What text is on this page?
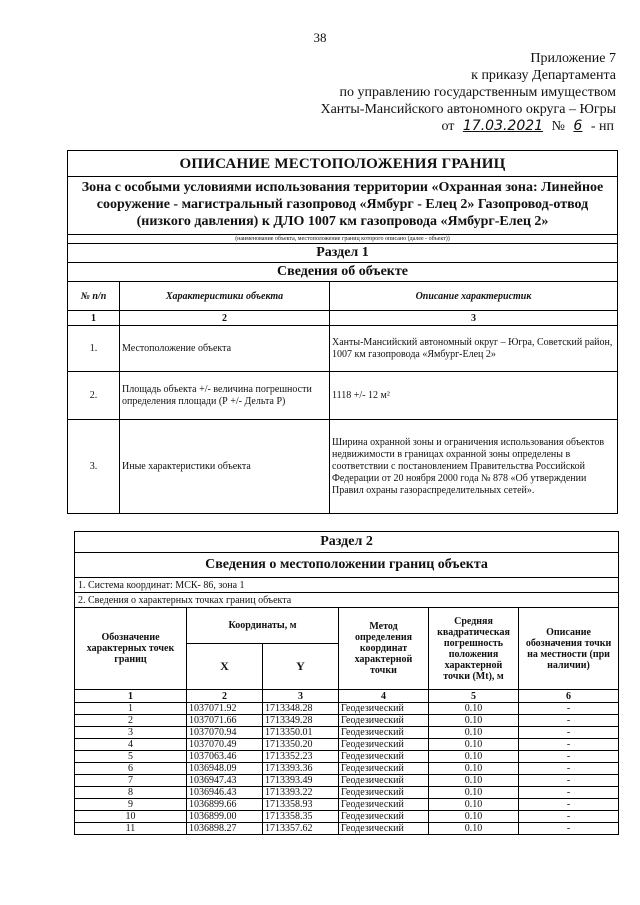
38
Приложение 7
к приказу Департамента
по управлению государственным имуществом
Ханты-Мансийского автономного округа – Югры
от 17.03.2021 № 6 - нп
ОПИСАНИЕ МЕСТОПОЛОЖЕНИЯ ГРАНИЦ		
Зона с особыми условиями использования территории «Охранная зона: Линейное сооружение - магистральный газопровод «Ямбург - Елец 2» Газопровод-отвод (низкого давления) к ДЛО 1007 км газопровода «Ямбург-Елец 2»		
(наименование объекта, местоположение границ которого описано (далее - объект))		
Раздел 1		
Сведения об объекте		
№ п/п	Характеристики объекта	Описание характеристик
1	2	3
1.	Местоположение объекта	Ханты-Мансийский автономный округ – Югра, Советский район, 1007 км газопровода «Ямбург-Елец 2»
2.	Площадь объекта +/- величина погрешности определения площади (Р +/- Дельта Р)	1118 +/- 12 м²
3.	Иные характеристики объекта	Ширина охранной зоны и ограничения использования объектов недвижимости в границах охранной зоны определены в соответствии с постановлением Правительства Российской Федерации от 20 ноября 2000 года № 878 «Об утверждении Правил охраны газораспределительных сетей».
Раздел 2					
Сведения о местоположении границ объекта					
1. Система координат: МСК- 86, зона 1					
2. Сведения о характерных точках границ объекта					
Обозначение характерных точек границ	Координаты, м		Метод определения координат характерной точки	Средняя квадратическая погрешность положения характерной точки (Mt), м	Описание обозначения точки на местности (при наличии)
	X	Y			
1	2	3	4	5	6
1	1037071.92	1713348.28	Геодезический	0.10	-
2	1037071.66	1713349.28	Геодезический	0.10	-
3	1037070.94	1713350.01	Геодезический	0.10	-
4	1037070.49	1713350.20	Геодезический	0.10	-
5	1037063.46	1713352.23	Геодезический	0.10	-
6	1036948.09	1713393.36	Геодезический	0.10	-
7	1036947.43	1713393.49	Геодезический	0.10	-
8	1036946.43	1713393.22	Геодезический	0.10	-
9	1036899.66	1713358.93	Геодезический	0.10	-
10	1036899.00	1713358.35	Геодезический	0.10	-
11	1036898.27	1713357.62	Геодезический	0.10	-
